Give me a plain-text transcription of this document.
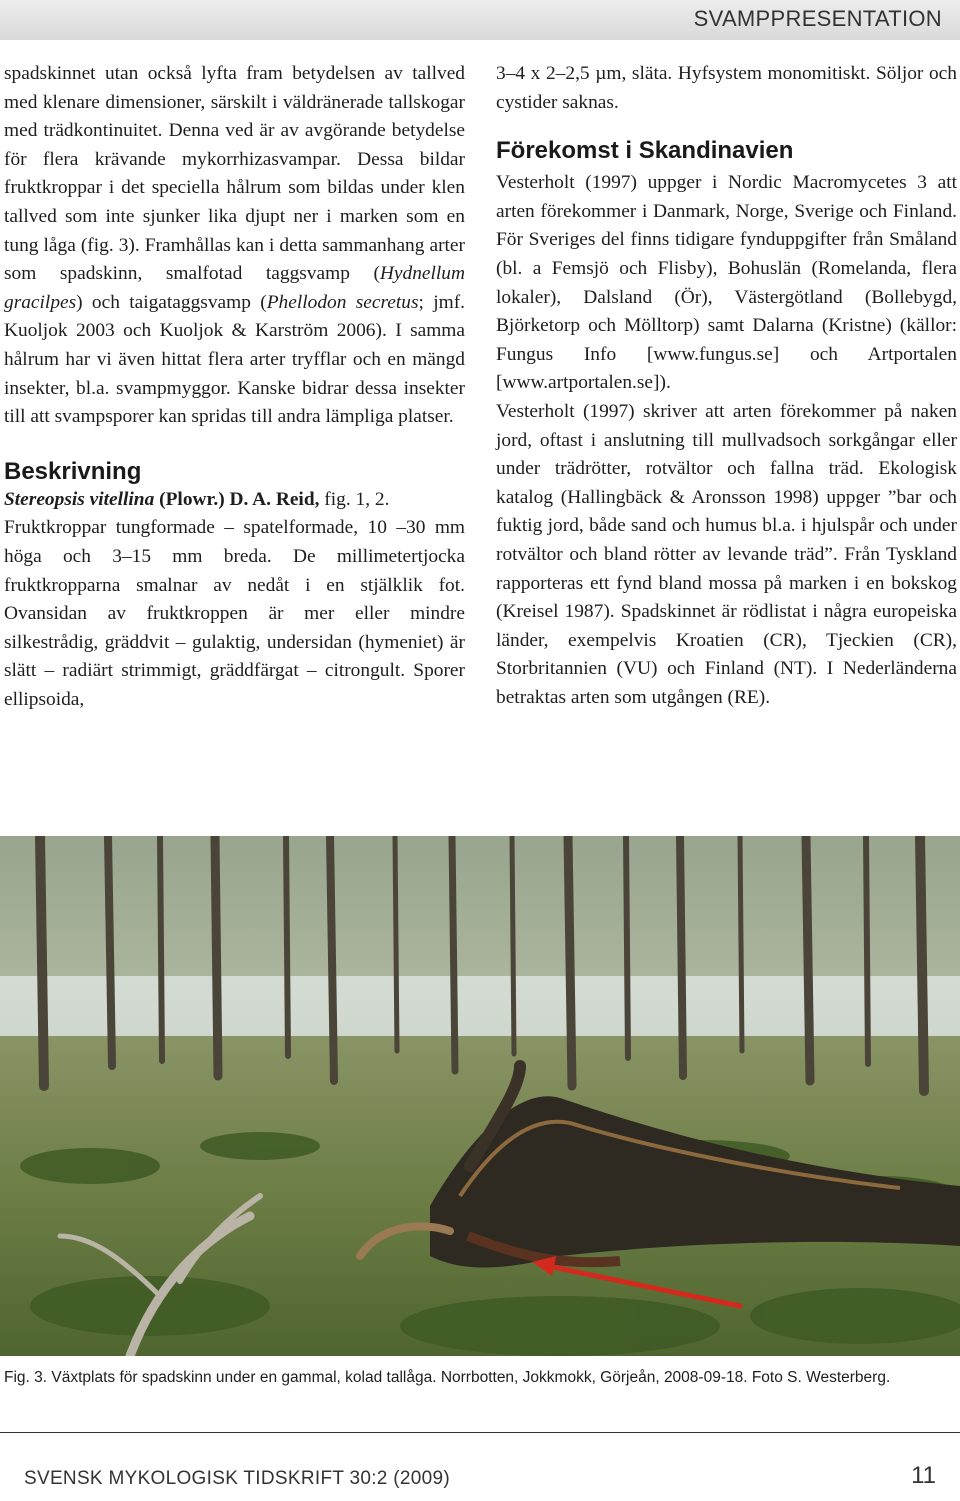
SVAMPPRESENTATION

spadskinnet utan också lyfta fram betydelsen av tallved med klenare dimensioner, särskilt i väldränerade tallskogar med trädkontinuitet. Denna ved är av avgörande betydelse för flera krävande mykorrhizasvampar. Dessa bildar fruktkroppar i det speciella hålrum som bildas under klen tallved som inte sjunker lika djupt ner i marken som en tung låga (fig. 3). Framhållas kan i detta sammanhang arter som spadskinn, smalfotad taggsvamp (Hydnellum gracilpes) och taigataggsvamp (Phellodon secretus; jmf. Kuoljok 2003 och Kuoljok & Karström 2006). I samma hålrum har vi även hittat flera arter tryfflar och en mängd insekter, bl.a. svampmyggor. Kanske bidrar dessa insekter till att svampsporer kan spridas till andra lämpliga platser.

Beskrivning

Stereopsis vitellina (Plowr.) D. A. Reid, fig. 1, 2.

Fruktkroppar tungformade – spatelformade, 10 –30 mm höga och 3–15 mm breda. De millimetertjocka fruktkropparna smalnar av nedåt i en stjälklik fot. Ovansidan av fruktkroppen är mer eller mindre silkestrådig, gräddvit – gulaktig, undersidan (hymeniet) är slätt – radiärt strimmigt, gräddfärgat – citrongult. Sporer ellipsoida,

3–4 x 2–2,5 µm, släta. Hyfsystem monomitiskt. Söljor och cystider saknas.

Förekomst i Skandinavien

Vesterholt (1997) uppger i Nordic Macromycetes 3 att arten förekommer i Danmark, Norge, Sverige och Finland. För Sveriges del finns tidigare fynduppgifter från Småland (bl. a Femsjö och Flisby), Bohuslän (Romelanda, flera lokaler), Dalsland (Ör), Västergötland (Bollebygd, Björketorp och Mölltorp) samt Dalarna (Kristne) (källor: Fungus Info [www.fungus.se] och Artportalen [www.artportalen.se]).

Vesterholt (1997) skriver att arten förekommer på naken jord, oftast i anslutning till mullvadsoch sorkgångar eller under trädrötter, rotvältor och fallna träd. Ekologisk katalog (Hallingbäck & Aronsson 1998) uppger ”bar och fuktig jord, både sand och humus bl.a. i hjulspår och under rotvältor och bland rötter av levande träd”. Från Tyskland rapporteras ett fynd bland mossa på marken i en bokskog (Kreisel 1987). Spadskinnet är rödlistat i några europeiska länder, exempelvis Kroatien (CR), Tjeckien (CR), Storbritannien (VU) och Finland (NT). I Nederländerna betraktas arten som utgången (RE).

Fig. 3. Växtplats för spadskinn under en gammal, kolad tallåga. Norrbotten, Jokkmokk, Görjeån, 2008-09-18. Foto S. Westerberg.
SVENSK MYKOLOGISK TIDSKRIFT 30:2 (2009)	11
